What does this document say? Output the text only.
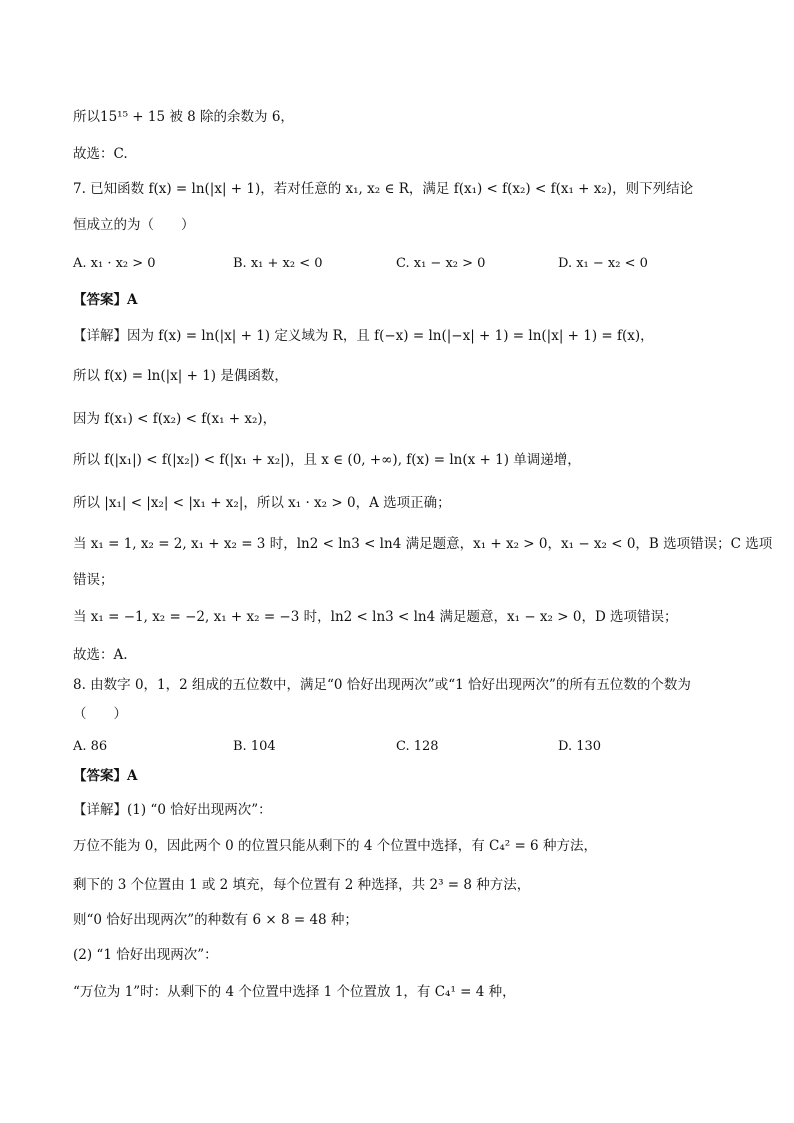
所以15¹⁵ + 15 被 8 除的余数为 6，
故选：C.
7. 已知函数 f(x) = ln(|x| + 1)，若对任意的 x₁, x₂ ∈ R，满足 f(x₁) < f(x₂) < f(x₁ + x₂)，则下列结论
恒成立的为（　　）
A. x₁ · x₂ > 0	B. x₁ + x₂ < 0	C. x₁ − x₂ > 0	D. x₁ − x₂ < 0
【答案】A
【详解】因为 f(x) = ln(|x| + 1) 定义域为 R，且 f(−x) = ln(|−x| + 1) = ln(|x| + 1) = f(x)，
所以 f(x) = ln(|x| + 1) 是偶函数，
因为 f(x₁) < f(x₂) < f(x₁ + x₂)，
所以 f(|x₁|) < f(|x₂|) < f(|x₁ + x₂|)，且 x ∈ (0, +∞), f(x) = ln(x + 1) 单调递增，
所以 |x₁| < |x₂| < |x₁ + x₂|，所以 x₁ · x₂ > 0，A 选项正确；
当 x₁ = 1, x₂ = 2, x₁ + x₂ = 3 时，ln2 < ln3 < ln4 满足题意，x₁ + x₂ > 0，x₁ − x₂ < 0，B 选项错误；C 选项
错误；
当 x₁ = −1, x₂ = −2, x₁ + x₂ = −3 时，ln2 < ln3 < ln4 满足题意，x₁ − x₂ > 0，D 选项错误；
故选：A.
8. 由数字 0，1，2 组成的五位数中，满足“0 恰好出现两次”或“1 恰好出现两次”的所有五位数的个数为
（　　）
A. 86	B. 104	C. 128	D. 130
【答案】A
【详解】(1) “0 恰好出现两次”：
万位不能为 0，因此两个 0 的位置只能从剩下的 4 个位置中选择，有 C₄² = 6 种方法，
剩下的 3 个位置由 1 或 2 填充，每个位置有 2 种选择，共 2³ = 8 种方法，
则“0 恰好出现两次”的种数有 6 × 8 = 48 种；
(2) “1 恰好出现两次”：
“万位为 1”时：从剩下的 4 个位置中选择 1 个位置放 1，有 C₄¹ = 4 种，
